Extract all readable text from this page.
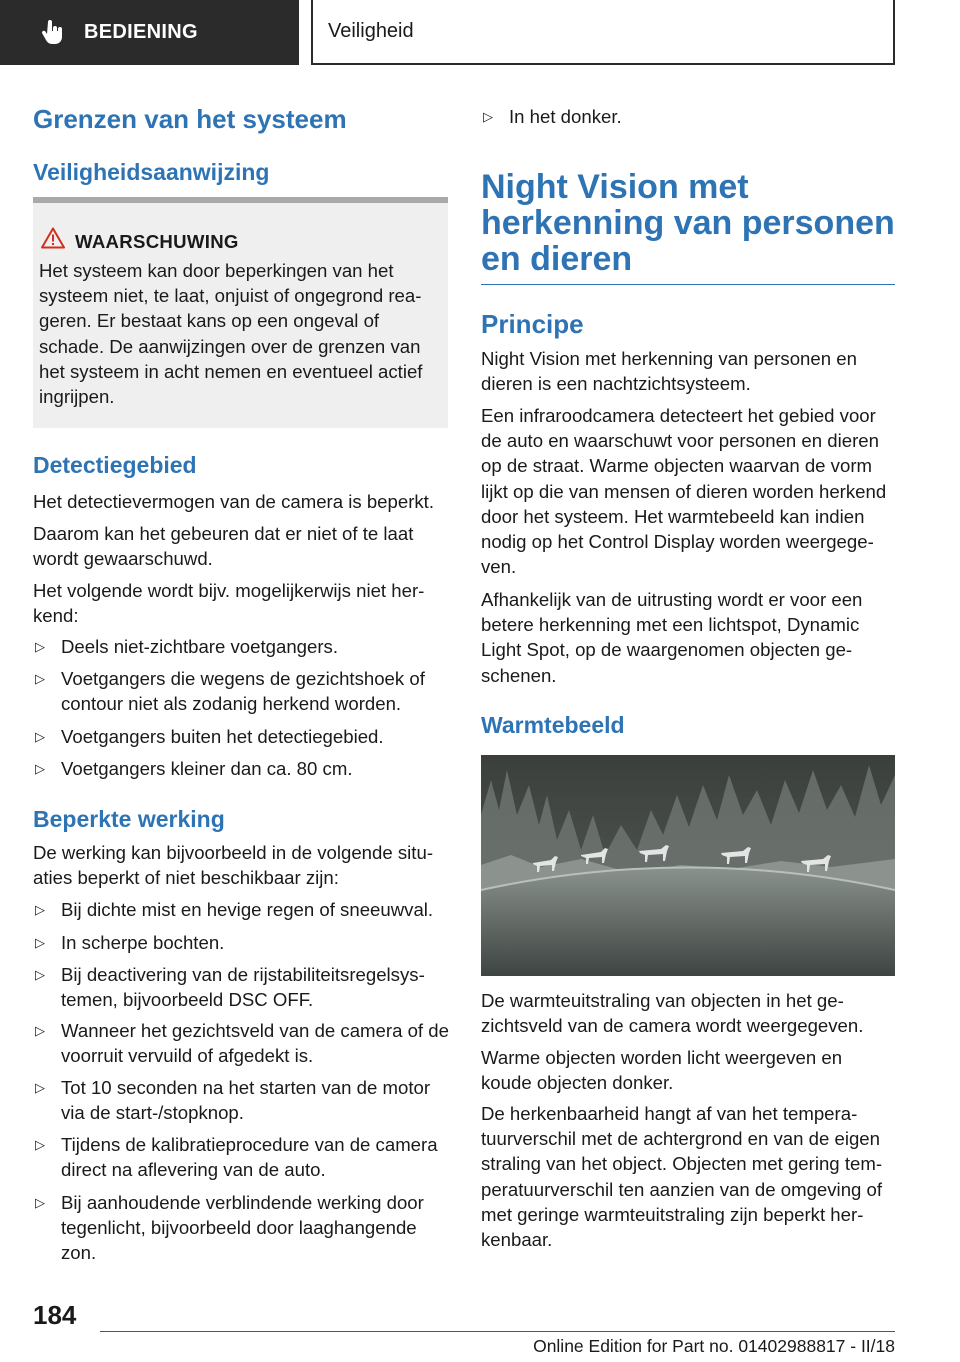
BEDIENING	Veiligheid
Grenzen van het systeem
Veiligheidsaanwijzing
WAARSCHUWING
Het systeem kan door beperkingen van het systeem niet, te laat, onjuist of ongegrond reageren. Er bestaat kans op een ongeval of schade. De aanwijzingen over de grenzen van het systeem in acht nemen en eventueel actief ingrijpen.
Detectiegebied

Het detectievermogen van de camera is beperkt.

Daarom kan het gebeuren dat er niet of te laat wordt gewaarschuwd.

Het volgende wordt bijv. mogelijkerwijs niet herkend:

▷ Deels niet-zichtbare voetgangers.
▷ Voetgangers die wegens de gezichtshoek of contour niet als zodanig herkend worden.
▷ Voetgangers buiten het detectiegebied.
▷ Voetgangers kleiner dan ca. 80 cm.
Beperkte werking

De werking kan bijvoorbeeld in de volgende situaties beperkt of niet beschikbaar zijn:

▷ Bij dichte mist en hevige regen of sneeuwval.
▷ In scherpe bochten.
▷ Bij deactivering van de rijstabiliteitsregelsystemen, bijvoorbeeld DSC OFF.
▷ Wanneer het gezichtsveld van de camera of de voorruit vervuild of afgedekt is.
▷ Tot 10 seconden na het starten van de motor via de start-/stopknop.
▷ Tijdens de kalibratieprocedure van de camera direct na aflevering van de auto.
▷ Bij aanhoudende verblindende werking door tegenlicht, bijvoorbeeld door laaghangende zon.
▷ In het donker.
Night Vision met herkenning van personen en dieren
Principe

Night Vision met herkenning van personen en dieren is een nachtzichtsysteem.

Een infraroodcamera detecteert het gebied voor de auto en waarschuwt voor personen en dieren op de straat. Warme objecten waarvan de vorm lijkt op die van mensen of dieren worden herkend door het systeem. Het warmtebeeld kan indien nodig op het Control Display worden weergegeven.

Afhankelijk van de uitrusting wordt er voor een betere herkenning met een lichtspot, Dynamic Light Spot, op de waargenomen objecten geschenen.

Warmtebeeld

De warmteuitstraling van objecten in het gezichtsveld van de camera wordt weergegeven.

Warme objecten worden licht weergeven en koude objecten donker.

De herkenbaarheid hangt af van het temperatuurverschil met de achtergrond en van de eigen straling van het object. Objecten met gering temperatuurverschil ten aanzien van de omgeving of met geringe warmteuitstraling zijn beperkt herkenbaar.

184
Online Edition for Part no. 01402988817 - II/18
